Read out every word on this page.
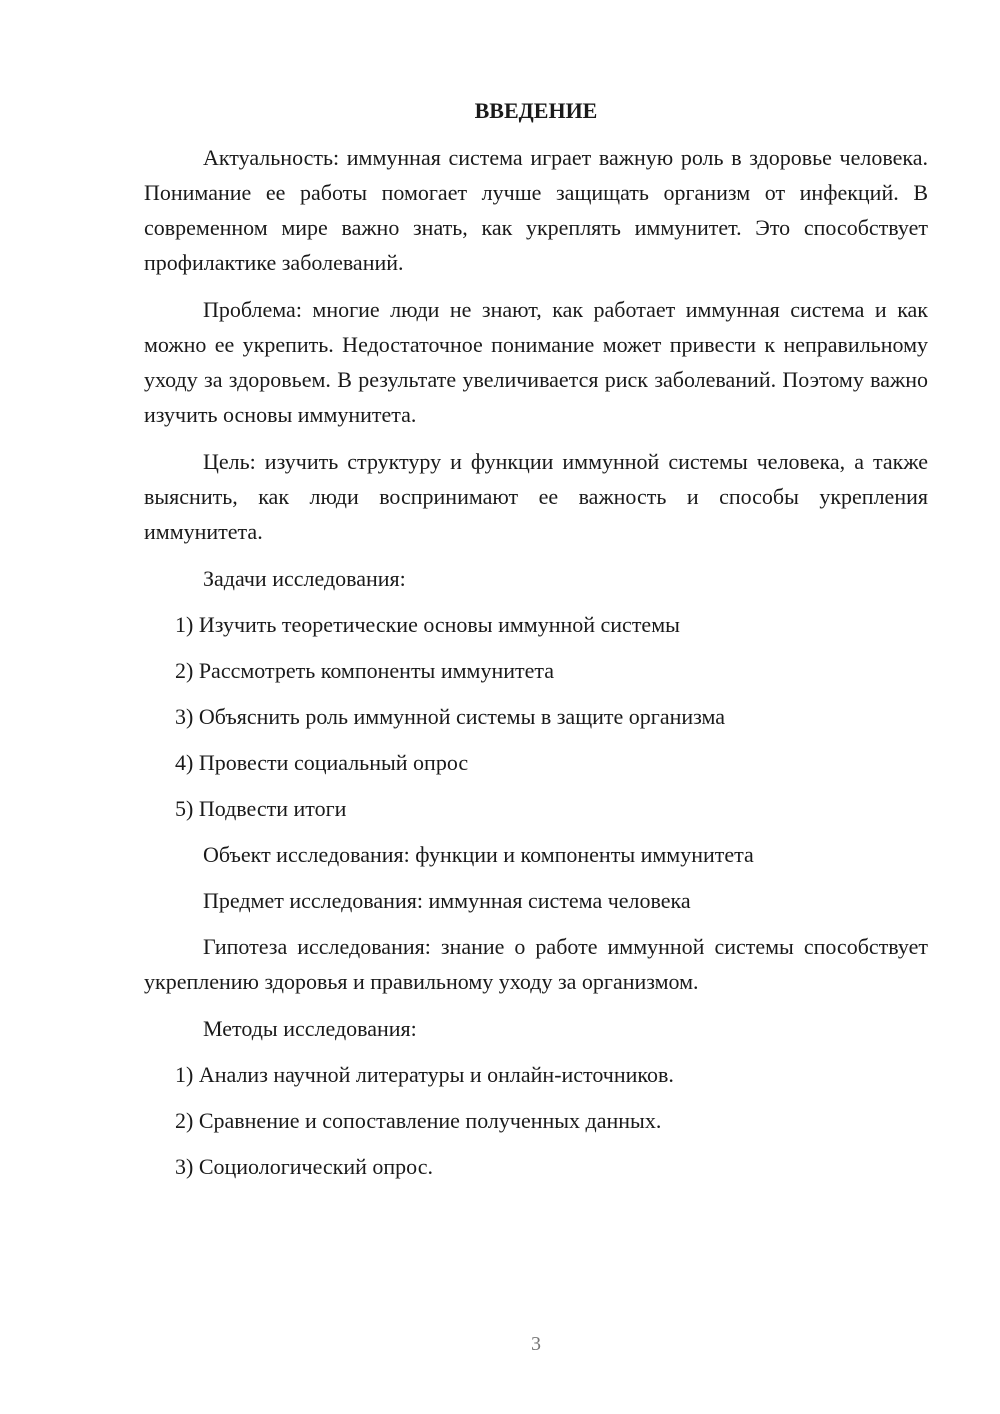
ВВЕДЕНИЕ

Актуальность: иммунная система играет важную роль в здоровье человека. Понимание ее работы помогает лучше защищать организм от инфекций. В современном мире важно знать, как укреплять иммунитет. Это способствует профилактике заболеваний.

Проблема: многие люди не знают, как работает иммунная система и как можно ее укрепить. Недостаточное понимание может привести к неправильному уходу за здоровьем. В результате увеличивается риск заболеваний. Поэтому важно изучить основы иммунитета.

Цель: изучить структуру и функции иммунной системы человека, а также выяснить, как люди воспринимают ее важность и способы укрепления иммунитета.

Задачи исследования:

1) Изучить теоретические основы иммунной системы

2) Рассмотреть компоненты иммунитета

3) Объяснить роль иммунной системы в защите организма

4) Провести социальный опрос

5) Подвести итоги

Объект исследования: функции и компоненты иммунитета

Предмет исследования: иммунная система человека

Гипотеза исследования: знание о работе иммунной системы способствует укреплению здоровья и правильному уходу за организмом.

Методы исследования:

1) Анализ научной литературы и онлайн-источников.

2) Сравнение и сопоставление полученных данных.

3) Социологический опрос.

3
